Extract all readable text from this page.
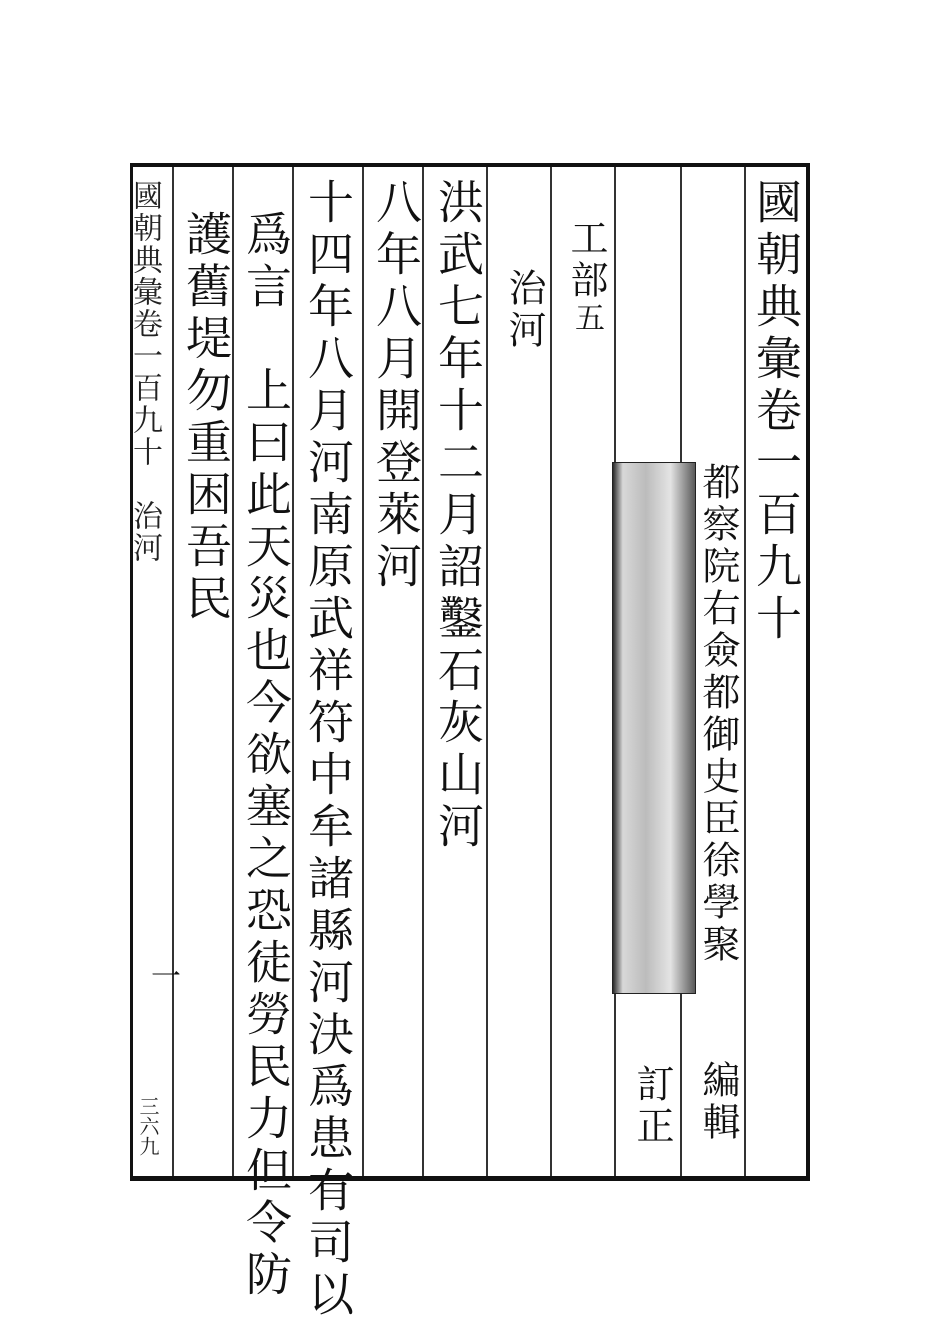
國朝典彙卷一百九十
都察院右僉都御史臣徐學聚
編輯
訂正
工部五
治河
洪武七年十二月詔鑿石灰山河
八年八月開登萊河
十四年八月河南原武祥符中牟諸縣河決爲患有司以
爲言　上曰此天災也今欲塞之恐徒勞民力但令防
護舊堤勿重困吾民
國朝典彙卷一百九十　治河
一
三六九
